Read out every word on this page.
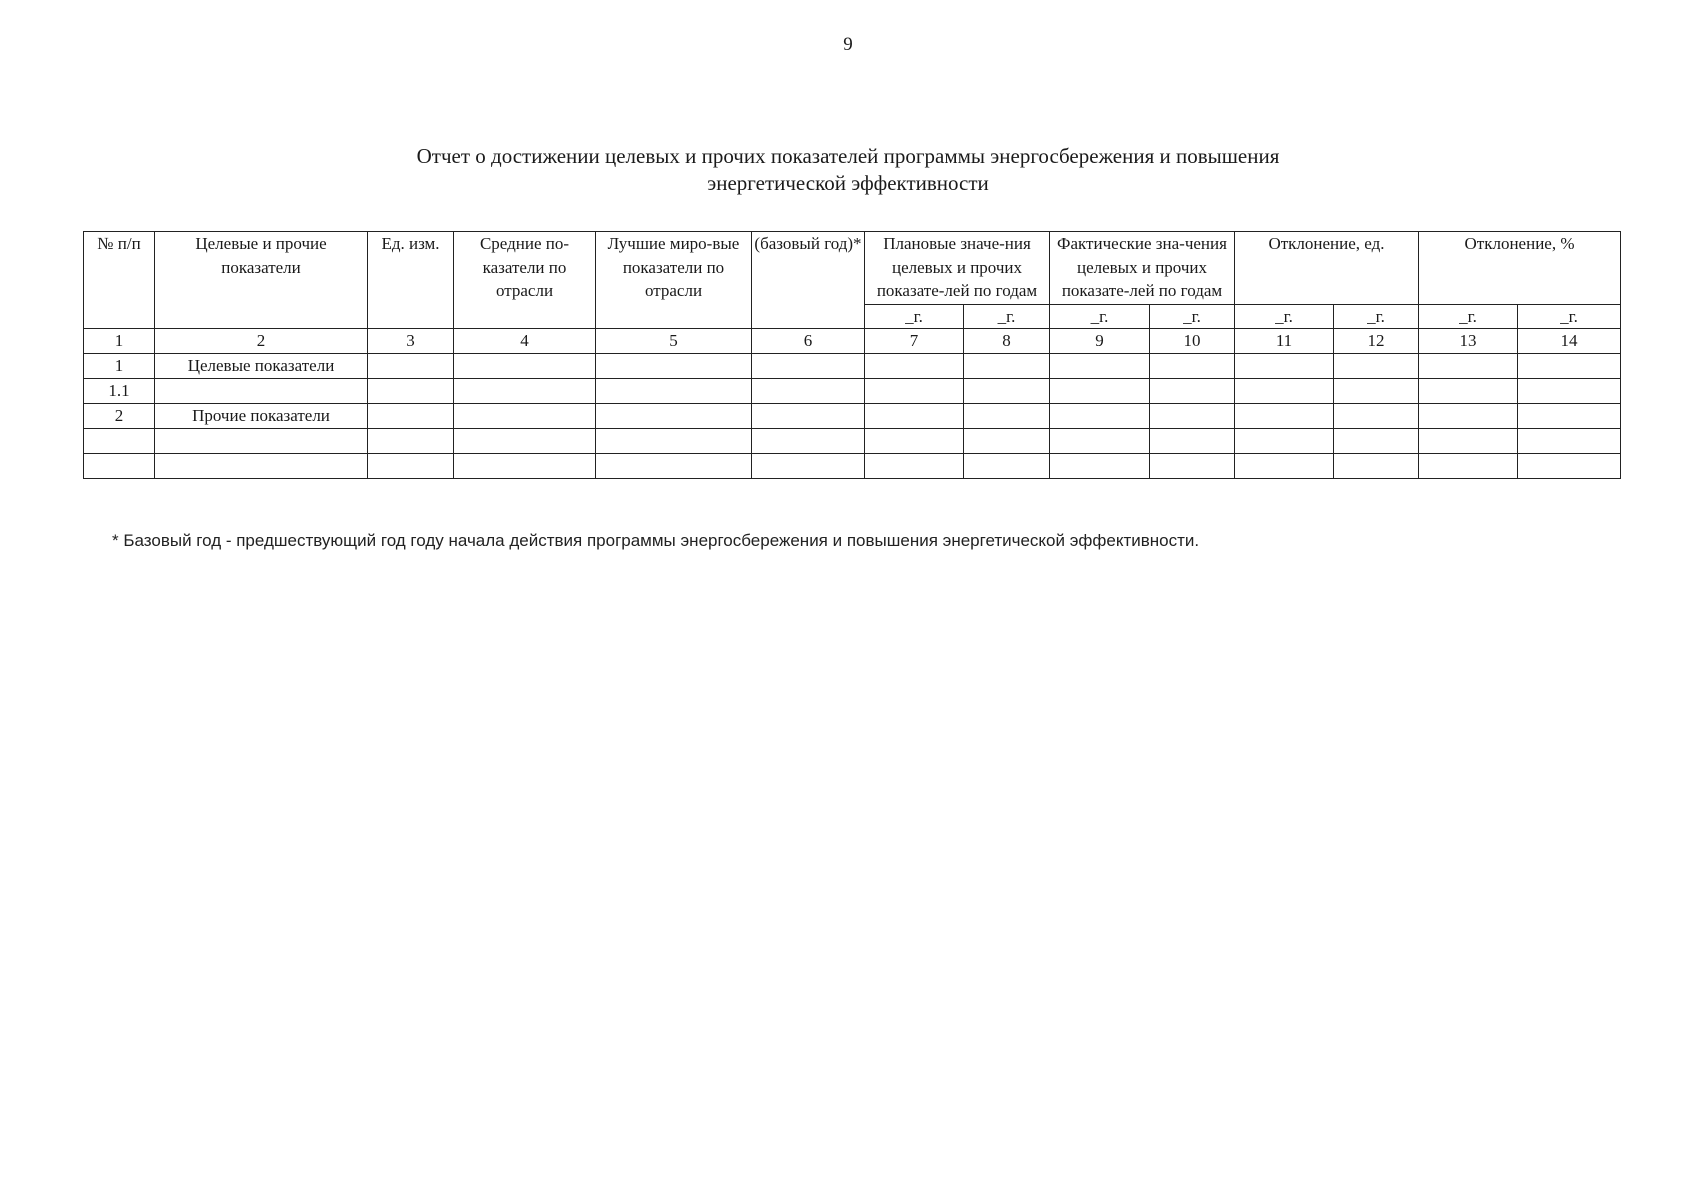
9
Отчет о достижении целевых и прочих показателей программы энергосбережения и повышения
энергетической эффективности
№ п/п	Целевые и прочие показатели	Ед. изм.	Средние по-казатели по отрасли	Лучшие миро-вые показатели по отрасли	(базовый год)*	Плановые значе-ния целевых и прочих показате-лей по годам		Фактические зна-чения целевых и прочих показате-лей по годам		Отклонение, ед.		Отклонение, %	
						_г.	_г.	_г.	_г.	_г.	_г.	_г.	_г.
1	2	3	4	5	6	7	8	9	10	11	12	13	14
1	Целевые показатели												
1.1													
2	Прочие показатели												

* Базовый год - предшествующий год году начала действия программы энергосбережения и повышения энергетической эффективности.
